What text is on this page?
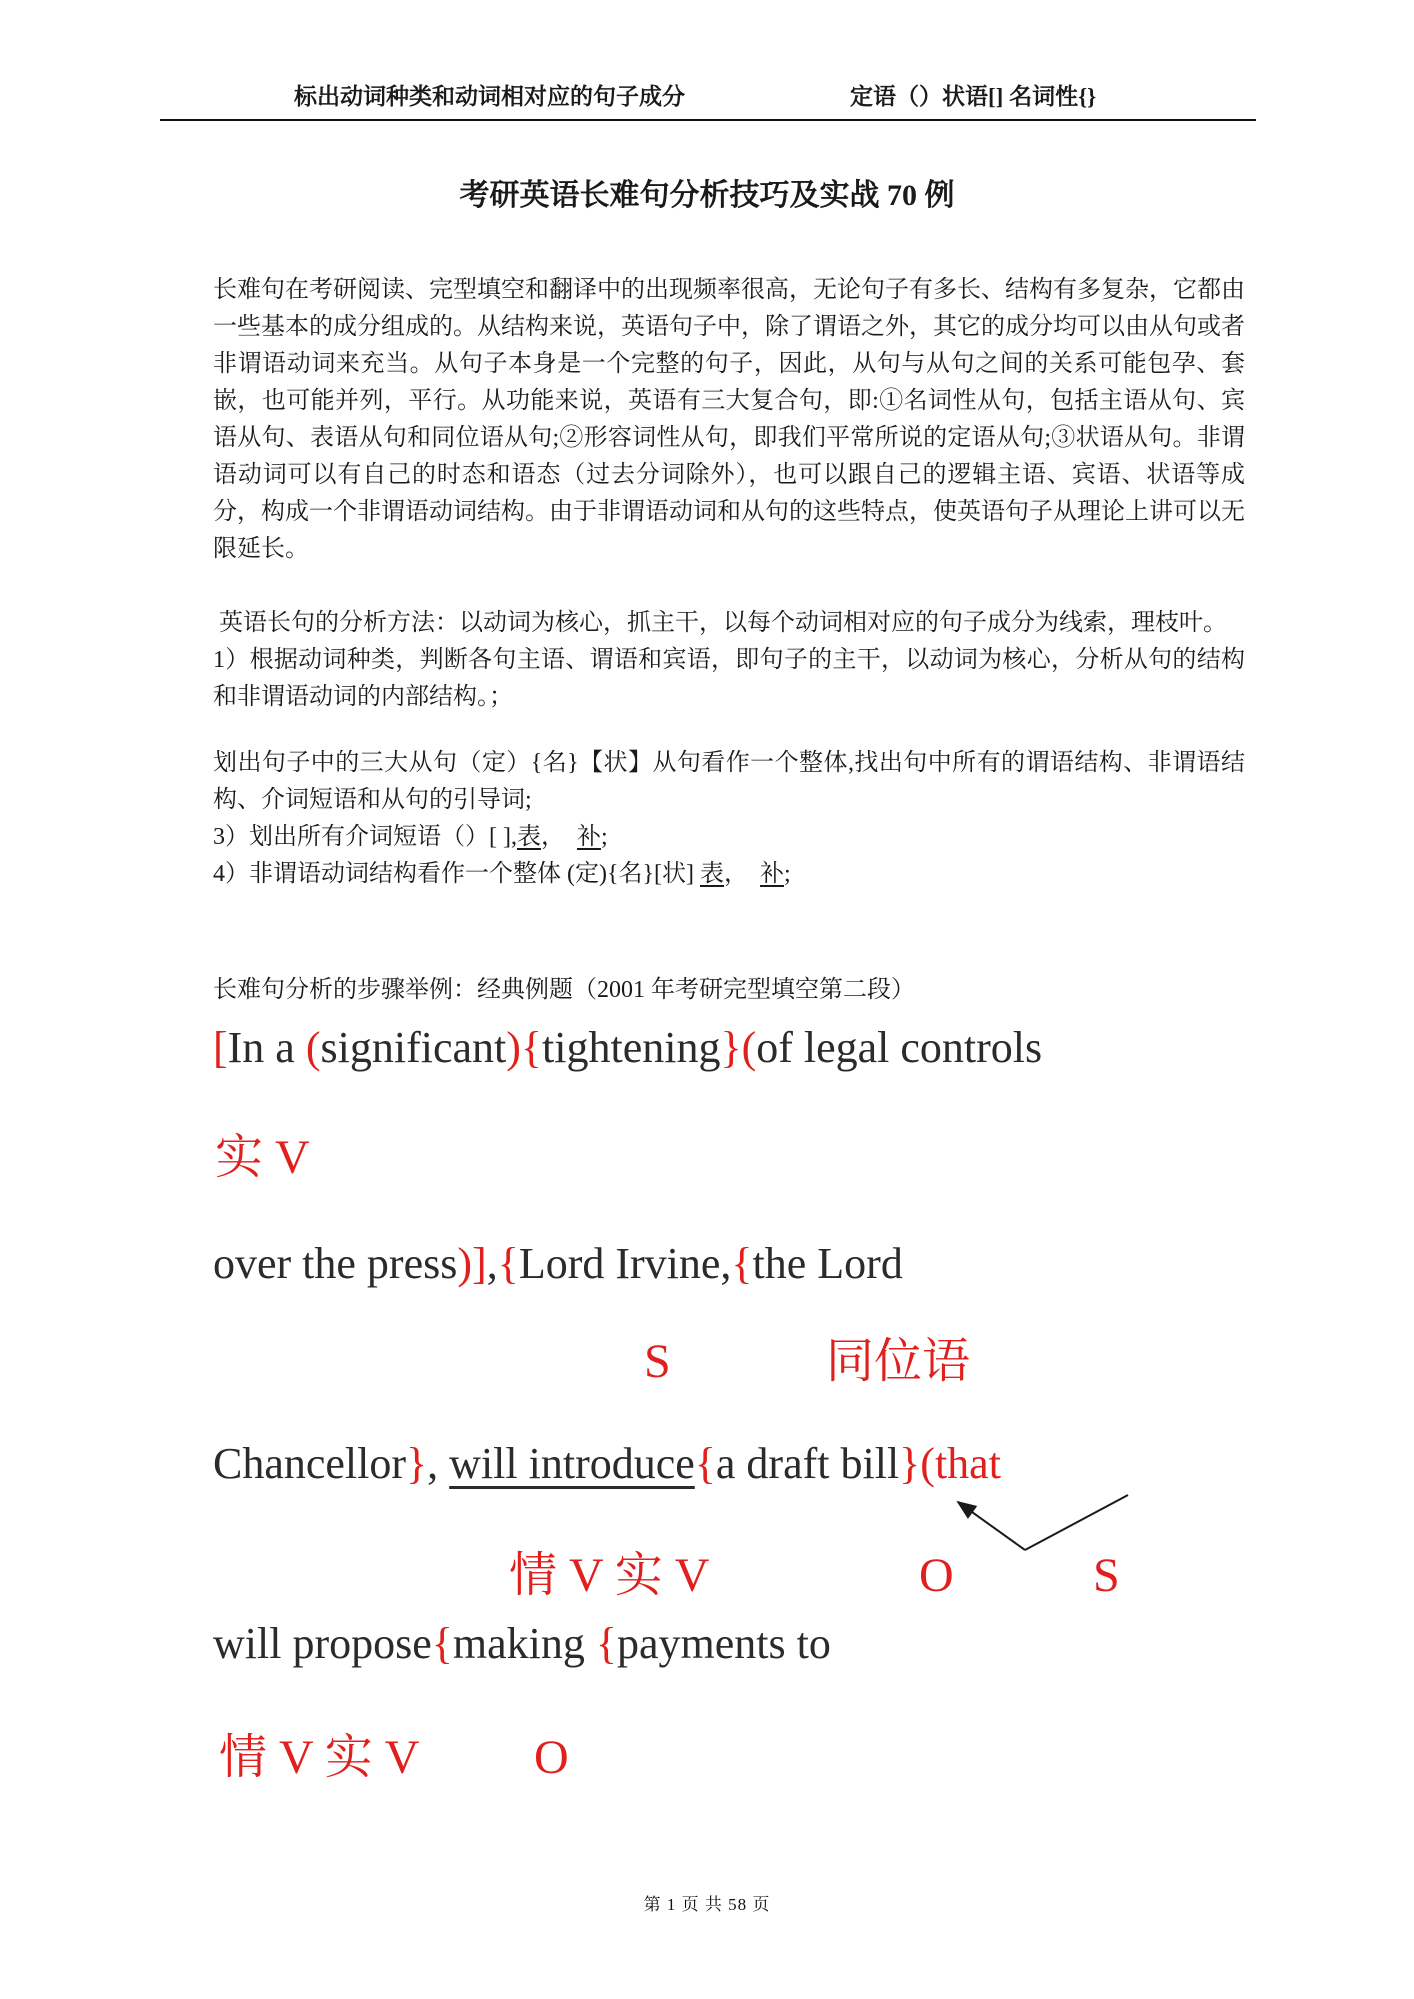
标出动词种类和动词相对应的句子成分	定语（）状语[] 名词性{}
考研英语长难句分析技巧及实战 70 例

长难句在考研阅读、完型填空和翻译中的出现频率很高，无论句子有多长、结构有多复杂，它都由一些基本的成分组成的。从结构来说，英语句子中，除了谓语之外，其它的成分均可以由从句或者非谓语动词来充当。从句子本身是一个完整的句子，因此，从句与从句之间的关系可能包孕、套嵌，也可能并列，平行。从功能来说，英语有三大复合句，即:①名词性从句，包括主语从句、宾语从句、表语从句和同位语从句;②形容词性从句，即我们平常所说的定语从句;③状语从句。非谓语动词可以有自己的时态和语态（过去分词除外），也可以跟自己的逻辑主语、宾语、状语等成分，构成一个非谓语动词结构。由于非谓语动词和从句的这些特点，使英语句子从理论上讲可以无限延长。

英语长句的分析方法：以动词为核心，抓主干，以每个动词相对应的句子成分为线索，理枝叶。

1）根据动词种类，判断各句主语、谓语和宾语，即句子的主干，以动词为核心，分析从句的结构和非谓语动词的内部结构。；

划出句子中的三大从句（定）{名}【状】从句看作一个整体,找出句中所有的谓语结构、非谓语结构、介词短语和从句的引导词;

3）划出所有介词短语（）[ ],表，　补;

4）非谓语动词结构看作一个整体 (定){名}[状] 表，　补;

长难句分析的步骤举例：经典例题（2001 年考研完型填空第二段）
[In a (significant){tightening}(of legal controls
实 V
over the press)],{Lord Irvine,{the Lord
S	同位语
Chancellor}, will introduce{a draft bill}(that
情 V 实 V	O	S
will propose{making {payments to
情 V 实 V O
第 1 页 共 58 页
